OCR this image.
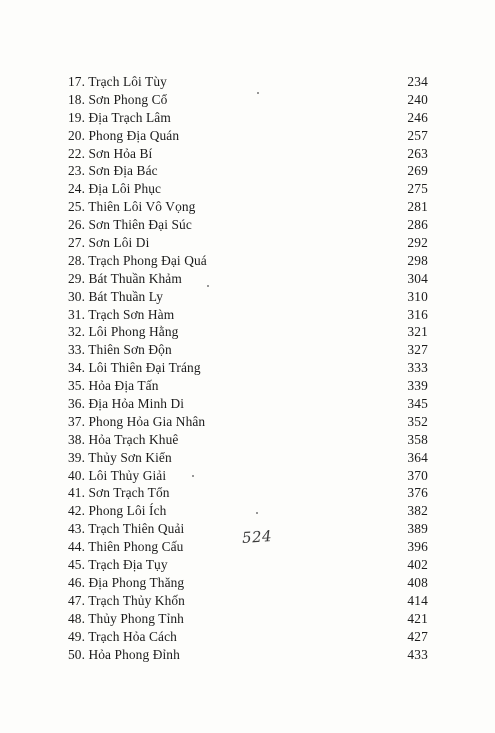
17. Trạch Lôi Tùy	234
18. Sơn Phong Cổ	240
19. Địa Trạch Lâm	246
20. Phong Địa Quán	257
22. Sơn Hỏa Bí	263
23. Sơn Địa Bác	269
24. Địa Lôi Phục	275
25. Thiên Lôi Vô Vọng	281
26. Sơn Thiên Đại Súc	286
27. Sơn Lôi Di	292
28. Trạch Phong Đại Quá	298
29. Bát Thuần Khảm	304
30. Bát Thuần Ly	310
31. Trạch Sơn Hàm	316
32. Lôi Phong Hằng	321
33. Thiên Sơn Độn	327
34. Lôi Thiên Đại Tráng	333
35. Hỏa Địa Tấn	339
36. Địa Hỏa Minh Di	345
37. Phong Hỏa Gia Nhân	352
38. Hỏa Trạch Khuê	358
39. Thủy Sơn Kiển	364
40. Lôi Thủy Giải	370
41. Sơn Trạch Tổn	376
42. Phong Lôi Ích	382
43. Trạch Thiên Quải	389
44. Thiên Phong Cấu	396
45. Trạch Địa Tụy	402
46. Địa Phong Thăng	408
47. Trạch Thủy Khốn	414
48. Thủy Phong Tỉnh	421
49. Trạch Hỏa Cách	427
50. Hỏa Phong Đỉnh	433
524
